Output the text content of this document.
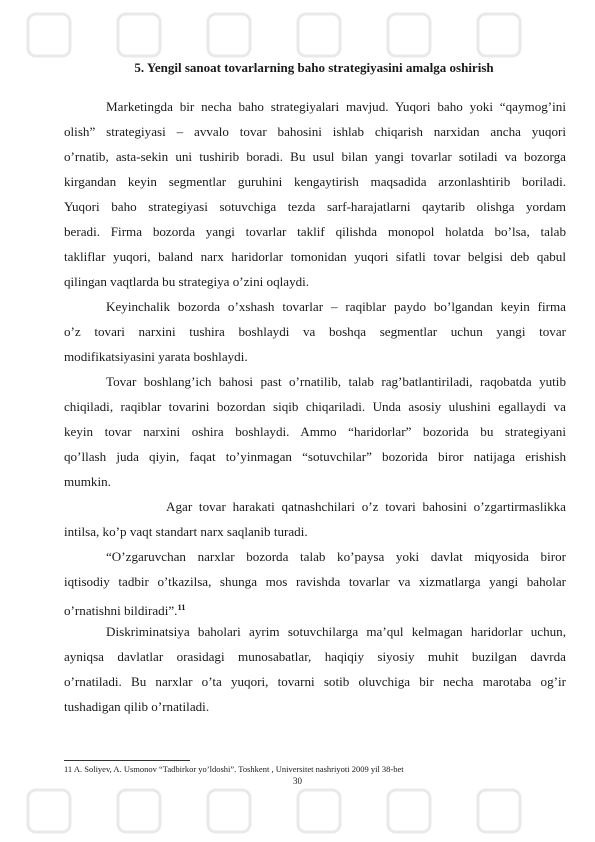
5. Yengil sanoat tovarlarning baho strategiyasini amalga oshirish
Marketingda bir necha baho strategiyalari mavjud. Yuqori baho yoki “qaymog’ini
olish” strategiyasi – avvalo tovar bahosini ishlab chiqarish narxidan ancha yuqori
o’rnatib, asta-sekin uni tushirib boradi. Bu usul bilan yangi tovarlar sotiladi va bozorga
kirgandan keyin segmentlar guruhini kengaytirish maqsadida arzonlashtirib boriladi.
Yuqori baho strategiyasi sotuvchiga tezda sarf-harajatlarni qaytarib olishga yordam
beradi. Firma bozorda yangi tovarlar taklif qilishda monopol holatda bo’lsa, talab
takliflar yuqori, baland narx haridorlar tomonidan yuqori sifatli tovar belgisi deb qabul
qilingan vaqtlarda bu strategiya o’zini oqlaydi.
Keyinchalik bozorda o’xshash tovarlar – raqiblar paydo bo’lgandan keyin firma
o’z tovari narxini tushira boshlaydi va boshqa segmentlar uchun yangi tovar
modifikatsiyasini yarata boshlaydi.
Tovar boshlang’ich bahosi past o’rnatilib, talab rag’batlantiriladi, raqobatda yutib
chiqiladi, raqiblar tovarini bozordan siqib chiqariladi. Unda asosiy ulushini egallaydi va
keyin tovar narxini oshira boshlaydi. Ammo “haridorlar” bozorida bu strategiyani
qo’llash juda qiyin, faqat to’yinmagan “sotuvchilar” bozorida biror natijaga erishish
mumkin.
Agar tovar harakati qatnashchilari o’z tovari bahosini o’zgartirmaslikka
intilsa, ko’p vaqt standart narx saqlanib turadi.
“O’zgaruvchan narxlar bozorda talab ko’paysa yoki davlat miqyosida biror
iqtisodiy tadbir o’tkazilsa, shunga mos ravishda tovarlar va xizmatlarga yangi baholar
o’rnatishni bildiradi”.$^{11}$
Diskriminatsiya baholari ayrim sotuvchilarga ma’qul kelmagan haridorlar uchun,
ayniqsa davlatlar orasidagi munosabatlar, haqiqiy siyosiy muhit buzilgan davrda
o’rnatiladi. Bu narxlar o’ta yuqori, tovarni sotib oluvchiga bir necha marotaba og’ir
tushadigan qilib o’rnatiladi.
11 A. Soliyev, A. Usmonov “Tadbirkor yo’ldoshi”. Toshkent , Universitet nashriyoti 2009 yil 38-bet
30
